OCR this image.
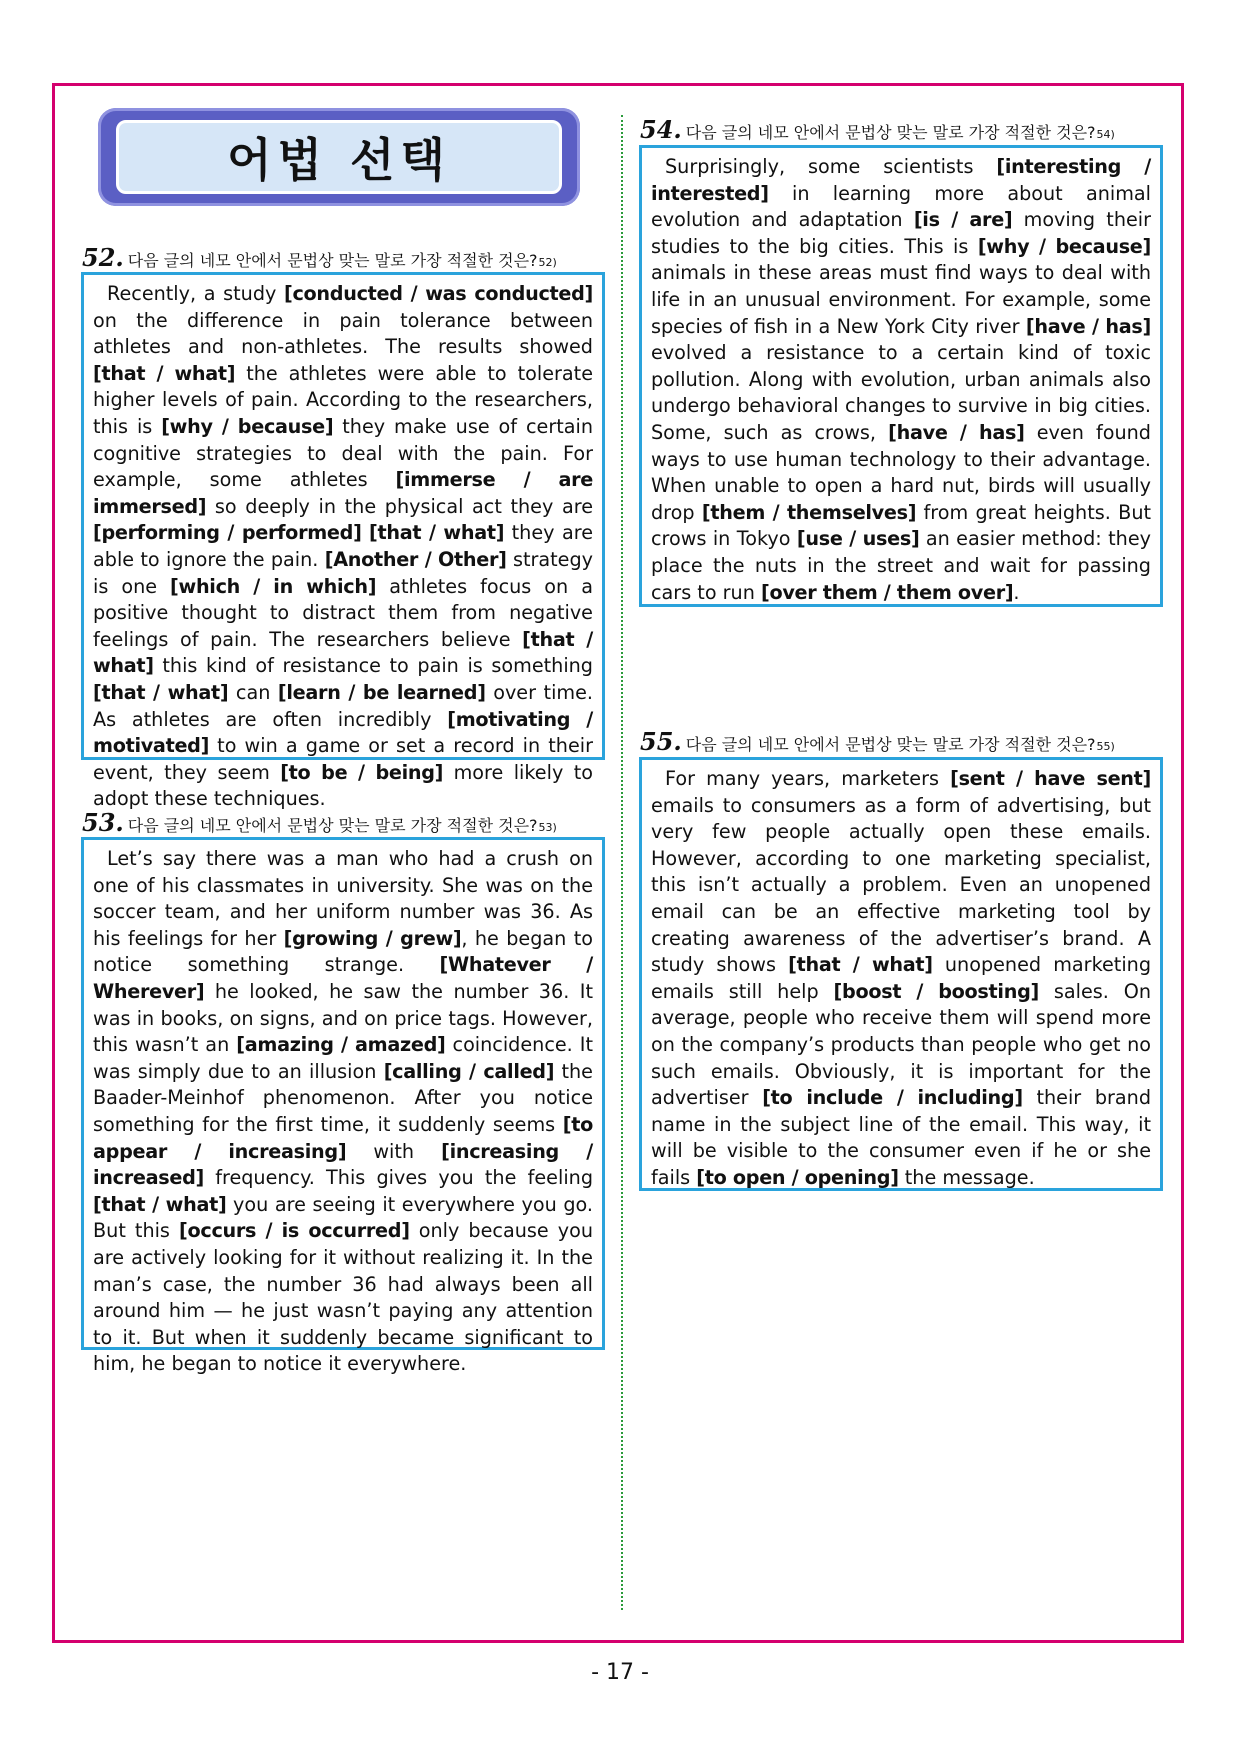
어법 선택
52. 다음 글의 네모 안에서 문법상 맞는 말로 가장 적절한 것은? 52)

Recently, a study [conducted / was conducted] on the difference in pain tolerance between athletes and non-athletes. The results showed [that / what] the athletes were able to tolerate higher levels of pain. According to the researchers, this is [why / because] they make use of certain cognitive strategies to deal with the pain. For example, some athletes [immerse / are immersed] so deeply in the physical act they are [performing / performed] [that / what] they are able to ignore the pain. [Another / Other] strategy is one [which / in which] athletes focus on a positive thought to distract them from negative feelings of pain. The researchers believe [that / what] this kind of resistance to pain is something [that / what] can [learn / be learned] over time. As athletes are often incredibly [motivating / motivated] to win a game or set a record in their event, they seem [to be / being] more likely to adopt these techniques.

53. 다음 글의 네모 안에서 문법상 맞는 말로 가장 적절한 것은? 53)

Let’s say there was a man who had a crush on one of his classmates in university. She was on the soccer team, and her uniform number was 36. As his feelings for her [growing / grew], he began to notice something strange. [Whatever / Wherever] he looked, he saw the number 36. It was in books, on signs, and on price tags. However, this wasn’t an [amazing / amazed] coincidence. It was simply due to an illusion [calling / called] the Baader-Meinhof phenomenon. After you notice something for the first time, it suddenly seems [to appear / increasing] with [increasing / increased] frequency. This gives you the feeling [that / what] you are seeing it everywhere you go. But this [occurs / is occurred] only because you are actively looking for it without realizing it. In the man’s case, the number 36 had always been all around him — he just wasn’t paying any attention to it. But when it suddenly became significant to him, he began to notice it everywhere.

54. 다음 글의 네모 안에서 문법상 맞는 말로 가장 적절한 것은? 54)

Surprisingly, some scientists [interesting / interested] in learning more about animal evolution and adaptation [is / are] moving their studies to the big cities. This is [why / because] animals in these areas must find ways to deal with life in an unusual environment. For example, some species of fish in a New York City river [have / has] evolved a resistance to a certain kind of toxic pollution. Along with evolution, urban animals also undergo behavioral changes to survive in big cities. Some, such as crows, [have / has] even found ways to use human technology to their advantage. When unable to open a hard nut, birds will usually drop [them / themselves] from great heights. But crows in Tokyo [use / uses] an easier method: they place the nuts in the street and wait for passing cars to run [over them / them over].

55. 다음 글의 네모 안에서 문법상 맞는 말로 가장 적절한 것은? 55)

For many years, marketers [sent / have sent] emails to consumers as a form of advertising, but very few people actually open these emails. However, according to one marketing specialist, this isn’t actually a problem. Even an unopened email can be an effective marketing tool by creating awareness of the advertiser’s brand. A study shows [that / what] unopened marketing emails still help [boost / boosting] sales. On average, people who receive them will spend more on the company’s products than people who get no such emails. Obviously, it is important for the advertiser [to include / including] their brand name in the subject line of the email. This way, it will be visible to the consumer even if he or she fails [to open / opening] the message.

- 17 -
